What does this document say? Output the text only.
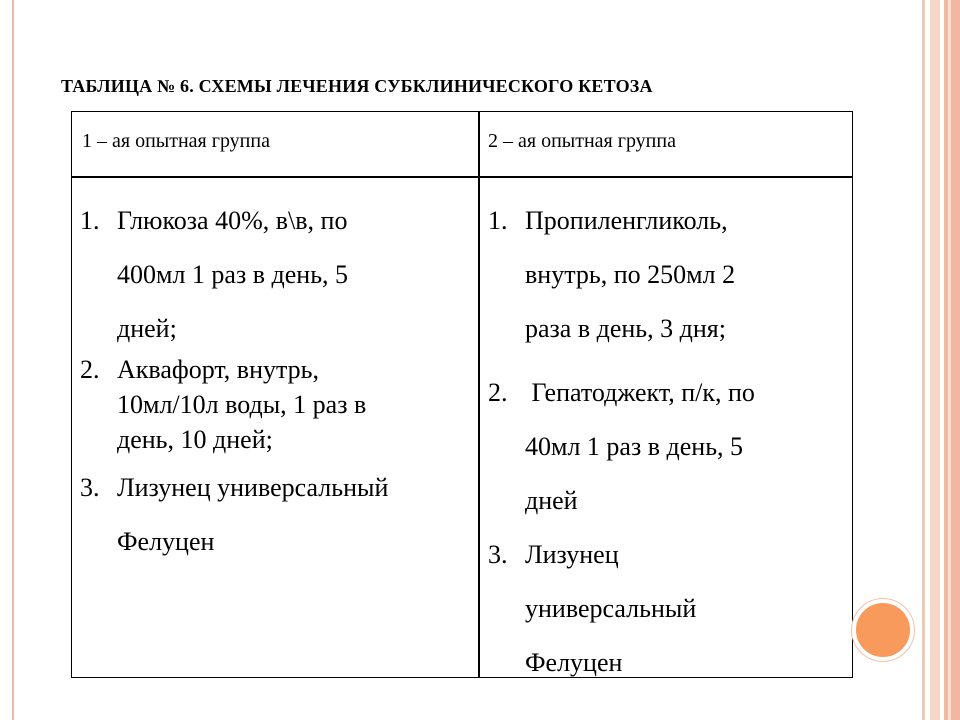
ТАБЛИЦА № 6. СХЕМЫ ЛЕЧЕНИЯ СУБКЛИНИЧЕСКОГО КЕТОЗА
1 – ая опытная группа	2 – ая опытная группа
1. Глюкоза 40%, в\в, по
400мл 1 раз в день, 5
дней;
2. Аквафорт, внутрь,
10мл/10л воды, 1 раз в
день, 10 дней;
3. Лизунец универсальный
Фелуцен
1. Пропиленгликоль,
внутрь, по 250мл 2
раза в день, 3 дня;
2. Гепатоджект, п/к, по
40мл 1 раз в день, 5
дней
3. Лизунец
универсальный
Фелуцен
